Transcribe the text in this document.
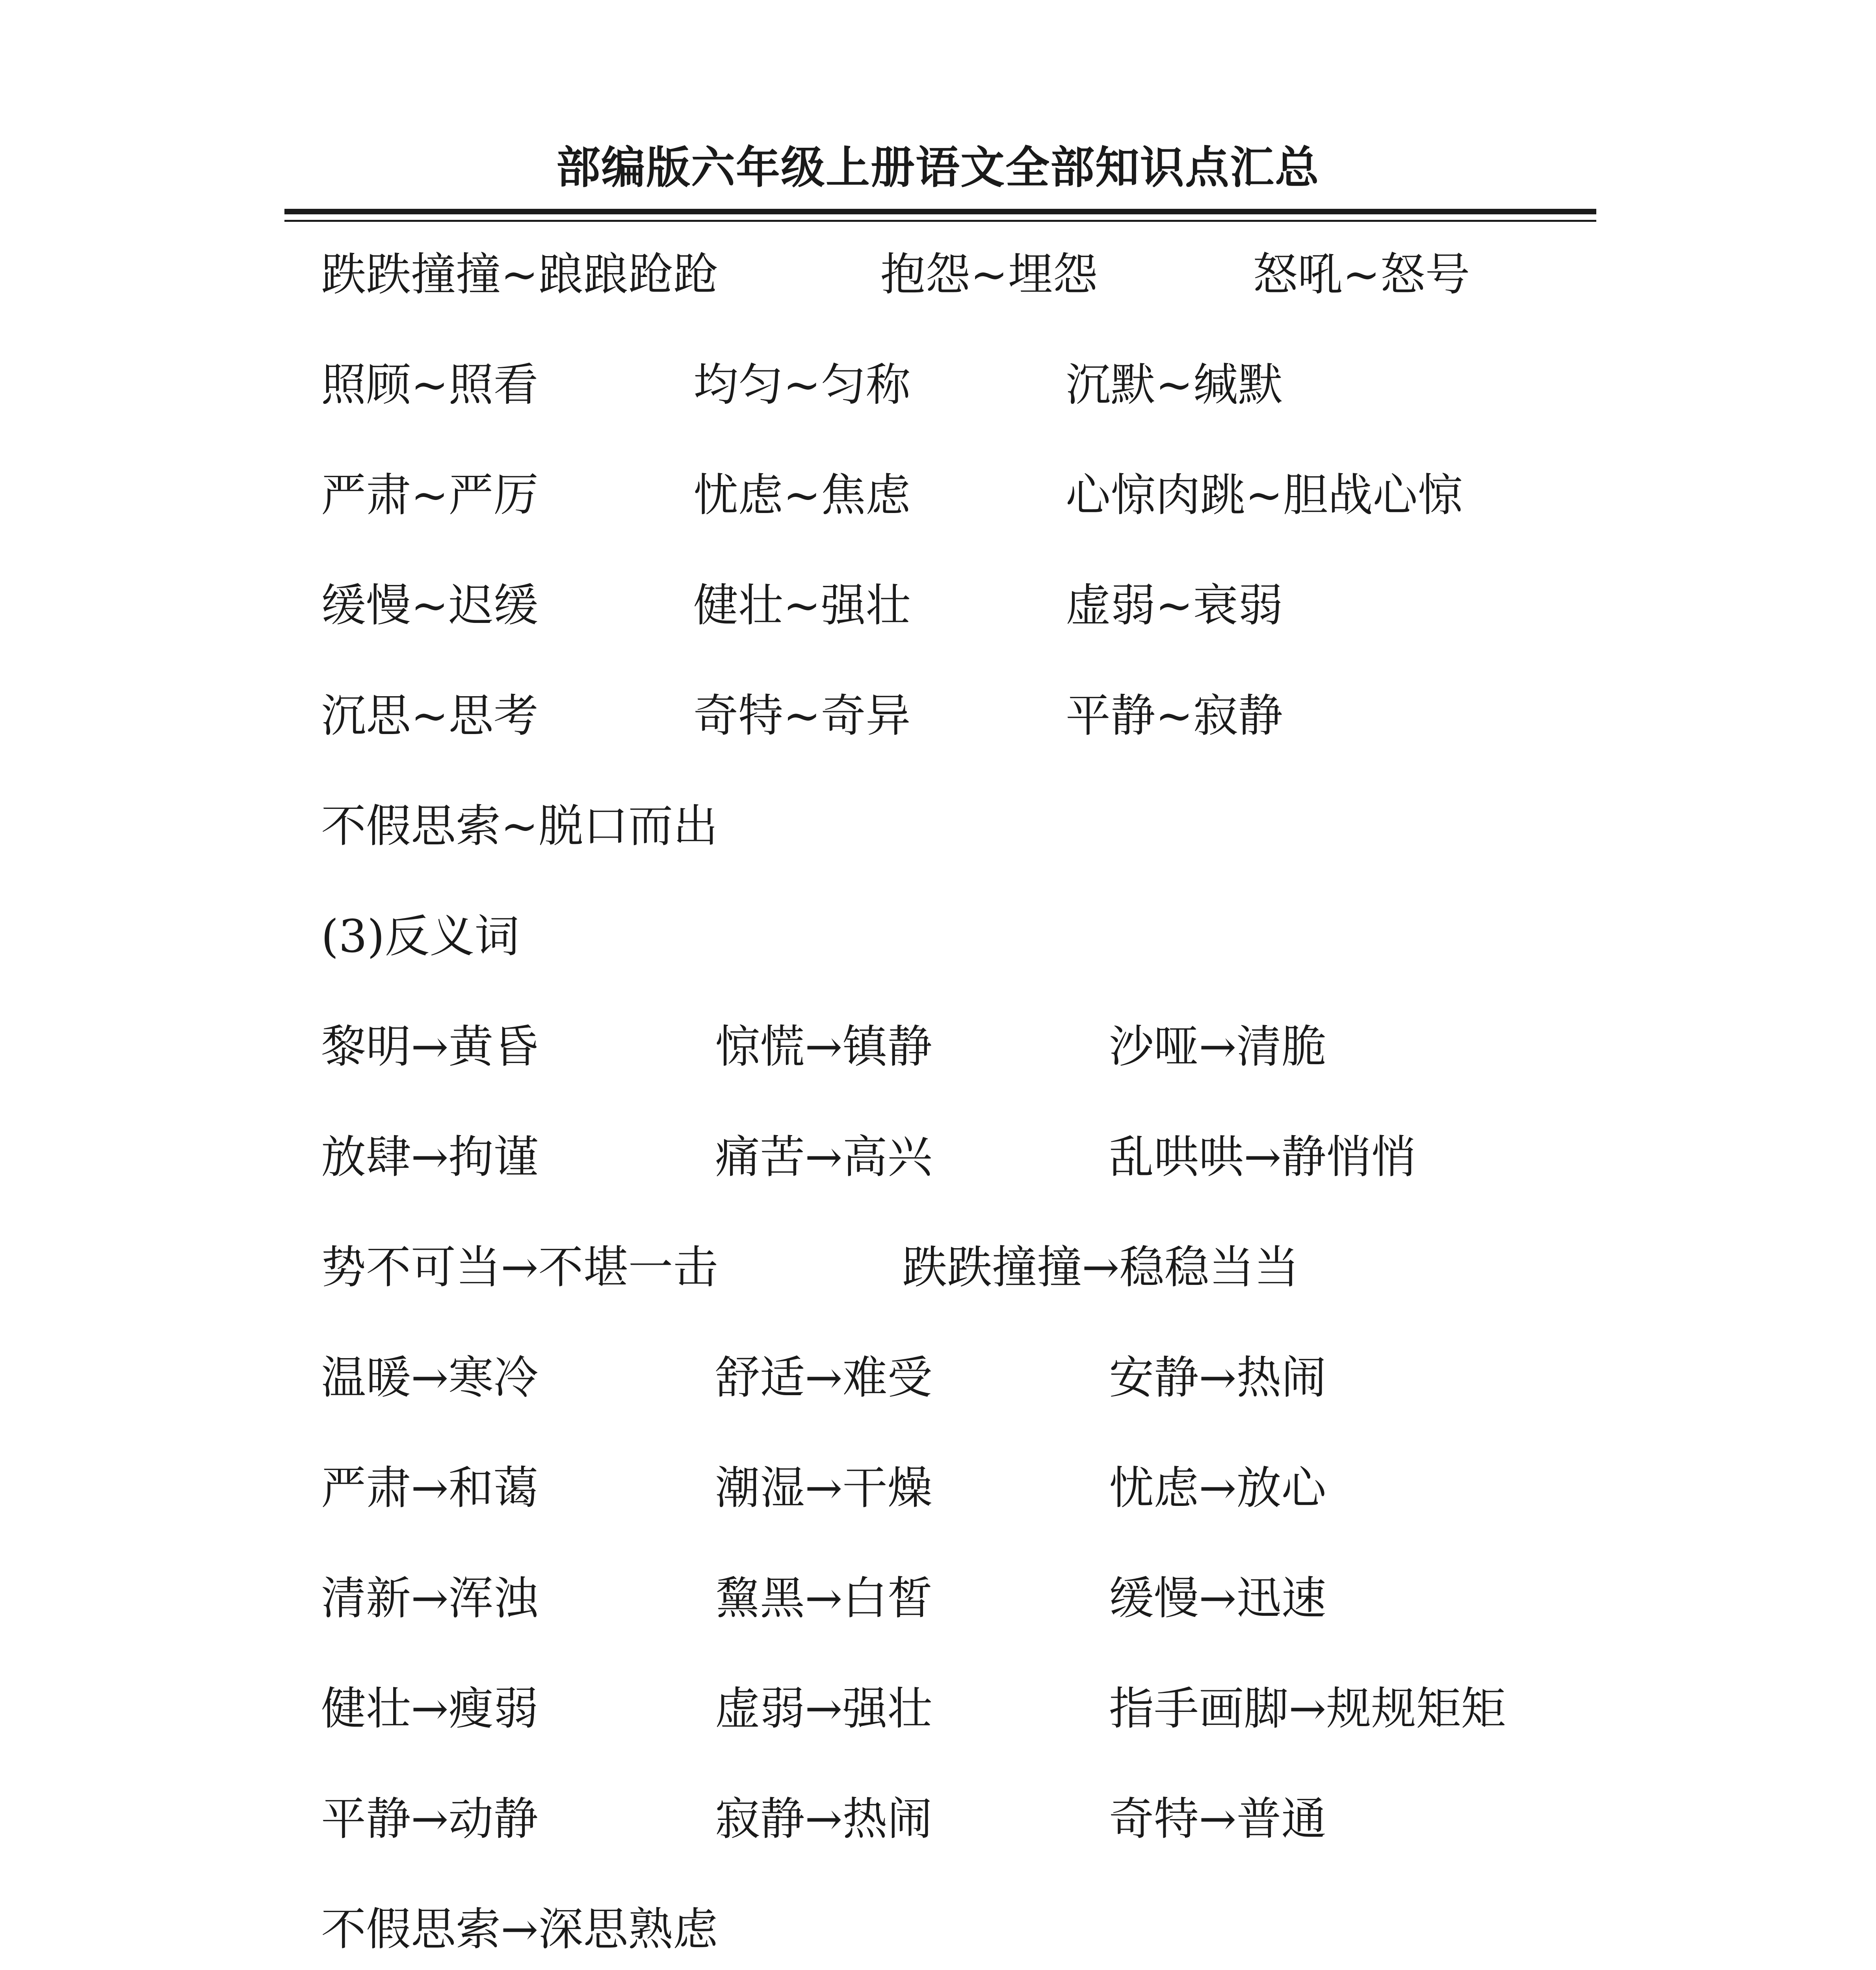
部编版六年级上册语文全部知识点汇总
跌跌撞撞~踉踉跄跄	抱怨~埋怨	怒吼~怒号
照顾~照看	均匀~匀称	沉默~缄默
严肃~严厉	忧虑~焦虑	心惊肉跳~胆战心惊
缓慢~迟缓	健壮~强壮	虚弱~衰弱
沉思~思考	奇特~奇异	平静~寂静
不假思索~脱口而出
(3)反义词
黎明→黄昏	惊慌→镇静	沙哑→清脆
放肆→拘谨	痛苦→高兴	乱哄哄→静悄悄
势不可当→不堪一击	跌跌撞撞→稳稳当当
温暖→寒冷	舒适→难受	安静→热闹
严肃→和蔼	潮湿→干燥	忧虑→放心
清新→浑浊	黧黑→白皙	缓慢→迅速
健壮→瘦弱	虚弱→强壮	指手画脚→规规矩矩
平静→动静	寂静→热闹	奇特→普通
不假思索→深思熟虑
